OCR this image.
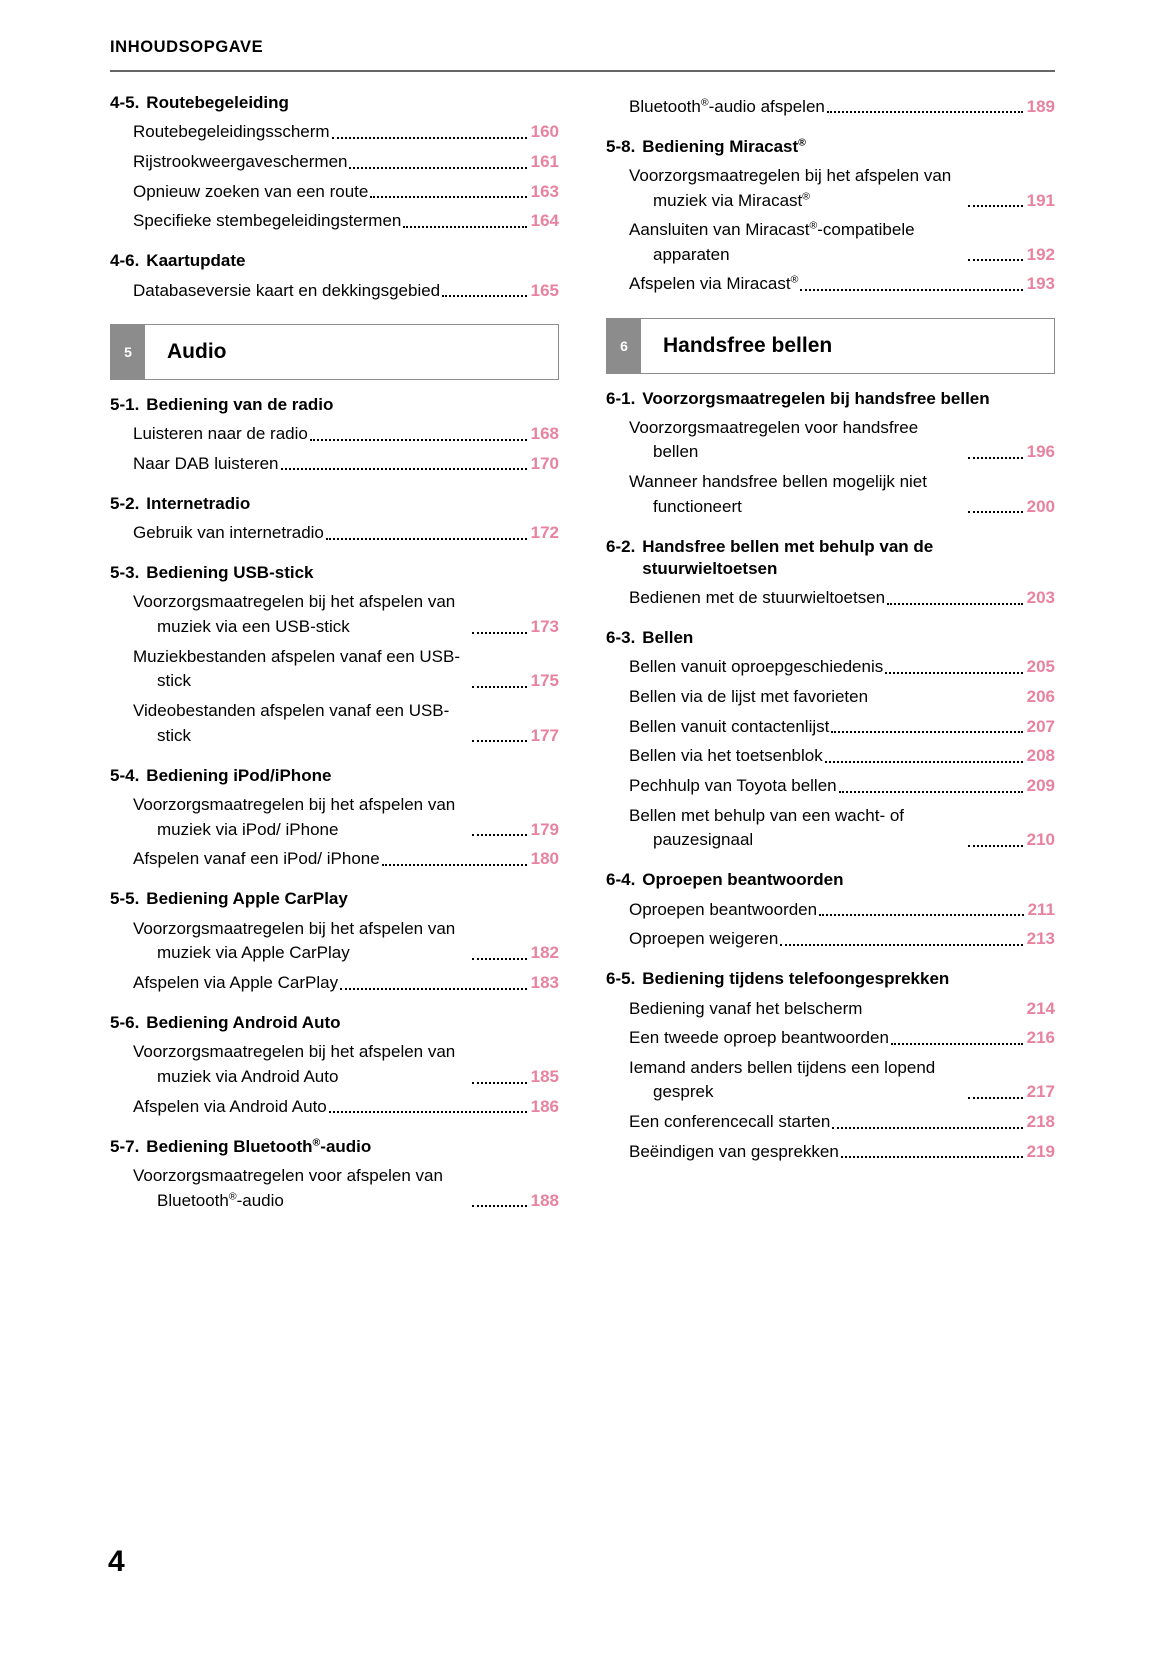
INHOUDSOPGAVE
4-5. Routebegeleiding
Routebegeleidingsscherm	160
Rijstrookweergaveschermen	161
Opnieuw zoeken van een route	163
Specifieke stembegeleidingstermen	164
4-6. Kaartupdate
Databaseversie kaart en dekkingsgebied	165
5	Audio
5-1. Bediening van de radio
Luisteren naar de radio	168
Naar DAB luisteren	170
5-2. Internetradio
Gebruik van internetradio	172
5-3. Bediening USB-stick
Voorzorgsmaatregelen bij het afspelen van muziek via een USB-stick	173
Muziekbestanden afspelen vanaf een USB-stick	175
Videobestanden afspelen vanaf een USB-stick	177
5-4. Bediening iPod/iPhone
Voorzorgsmaatregelen bij het afspelen van muziek via iPod/ iPhone	179
Afspelen vanaf een iPod/ iPhone	180
5-5. Bediening Apple CarPlay
Voorzorgsmaatregelen bij het afspelen van muziek via Apple CarPlay	182
Afspelen via Apple CarPlay	183
5-6. Bediening Android Auto
Voorzorgsmaatregelen bij het afspelen van muziek via Android Auto	185
Afspelen via Android Auto	186
5-7. Bediening Bluetooth®-audio
Voorzorgsmaatregelen voor afspelen van Bluetooth®-audio	188
Bluetooth®-audio afspelen	189
5-8. Bediening Miracast®
Voorzorgsmaatregelen bij het afspelen van muziek via Miracast®	191
Aansluiten van Miracast®-compatibele apparaten	192
Afspelen via Miracast®	193
6	Handsfree bellen
6-1. Voorzorgsmaatregelen bij handsfree bellen
Voorzorgsmaatregelen voor handsfree bellen	196
Wanneer handsfree bellen mogelijk niet functioneert	200
6-2. Handsfree bellen met behulp van de stuurwieltoetsen
Bedienen met de stuurwieltoetsen	203
6-3. Bellen
Bellen vanuit oproepgeschiedenis	205
Bellen via de lijst met favorieten	206
Bellen vanuit contactenlijst	207
Bellen via het toetsenblok	208
Pechhulp van Toyota bellen	209
Bellen met behulp van een wacht- of pauzesignaal	210
6-4. Oproepen beantwoorden
Oproepen beantwoorden	211
Oproepen weigeren	213
6-5. Bediening tijdens telefoongesprekken
Bediening vanaf het belscherm	214
Een tweede oproep beantwoorden	216
Iemand anders bellen tijdens een lopend gesprek	217
Een conferencecall starten	218
Beëindigen van gesprekken	219
4
